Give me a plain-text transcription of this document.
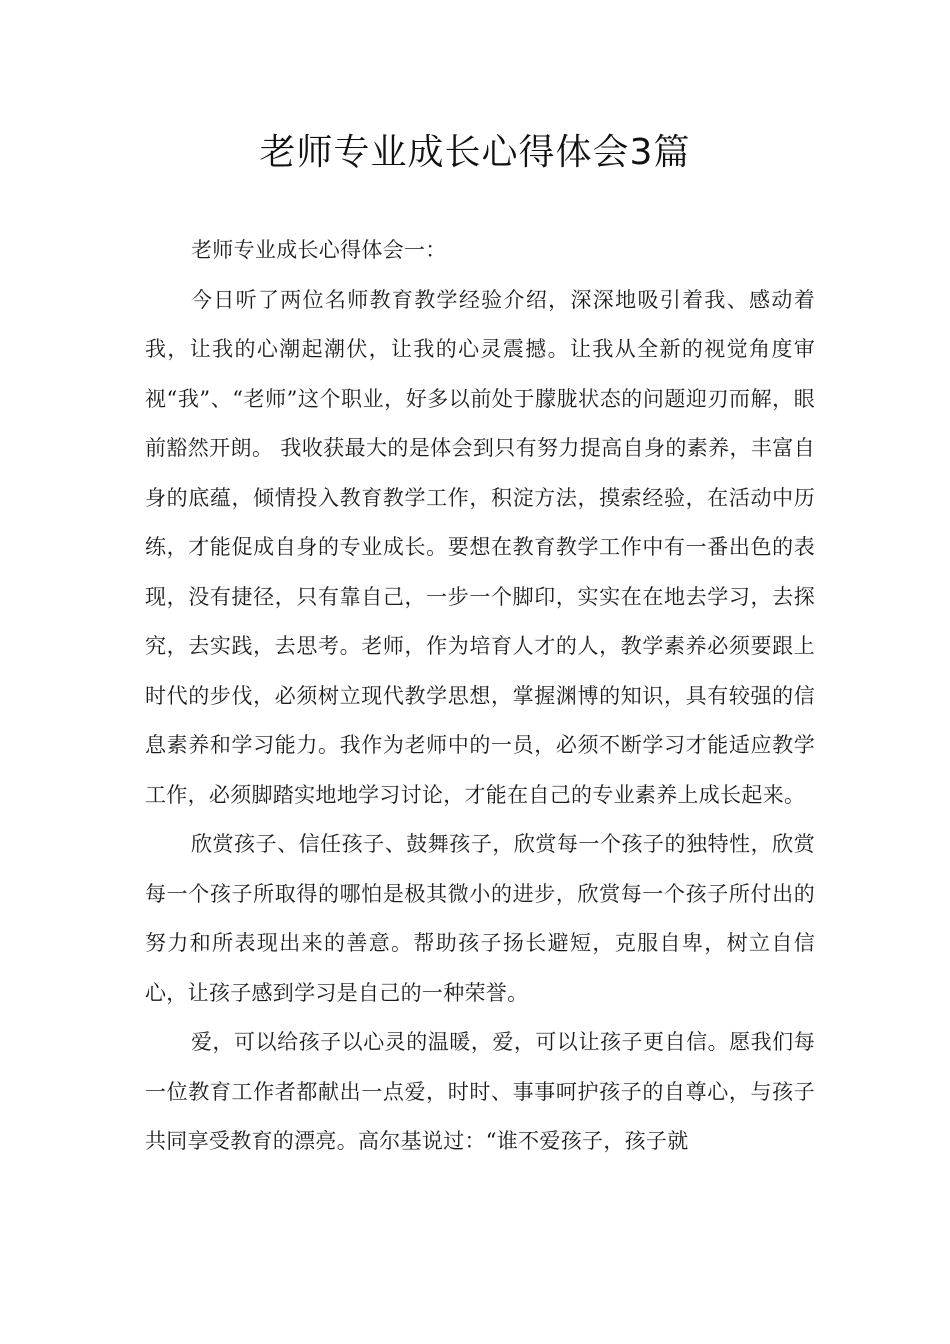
老师专业成长心得体会3篇

老师专业成长心得体会一：

今日听了两位名师教育教学经验介绍，深深地吸引着我、感动着我，让我的心潮起潮伏，让我的心灵震撼。让我从全新的视觉角度审视“我”、“老师”这个职业，好多以前处于朦胧状态的问题迎刃而解，眼前豁然开朗。 我收获最大的是体会到只有努力提高自身的素养，丰富自身的底蕴，倾情投入教育教学工作，积淀方法，摸索经验，在活动中历练，才能促成自身的专业成长。要想在教育教学工作中有一番出色的表现，没有捷径，只有靠自己，一步一个脚印，实实在在地去学习，去探究，去实践，去思考。老师，作为培育人才的人，教学素养必须要跟上时代的步伐，必须树立现代教学思想，掌握渊博的知识，具有较强的信息素养和学习能力。我作为老师中的一员，必须不断学习才能适应教学工作，必须脚踏实地地学习讨论，才能在自己的专业素养上成长起来。

欣赏孩子、信任孩子、鼓舞孩子，欣赏每一个孩子的独特性，欣赏每一个孩子所取得的哪怕是极其微小的进步，欣赏每一个孩子所付出的努力和所表现出来的善意。帮助孩子扬长避短，克服自卑，树立自信心，让孩子感到学习是自己的一种荣誉。

爱，可以给孩子以心灵的温暖，爱，可以让孩子更自信。愿我们每一位教育工作者都献出一点爱，时时、事事呵护孩子的自尊心，与孩子共同享受教育的漂亮。高尔基说过：“谁不爱孩子，孩子就
